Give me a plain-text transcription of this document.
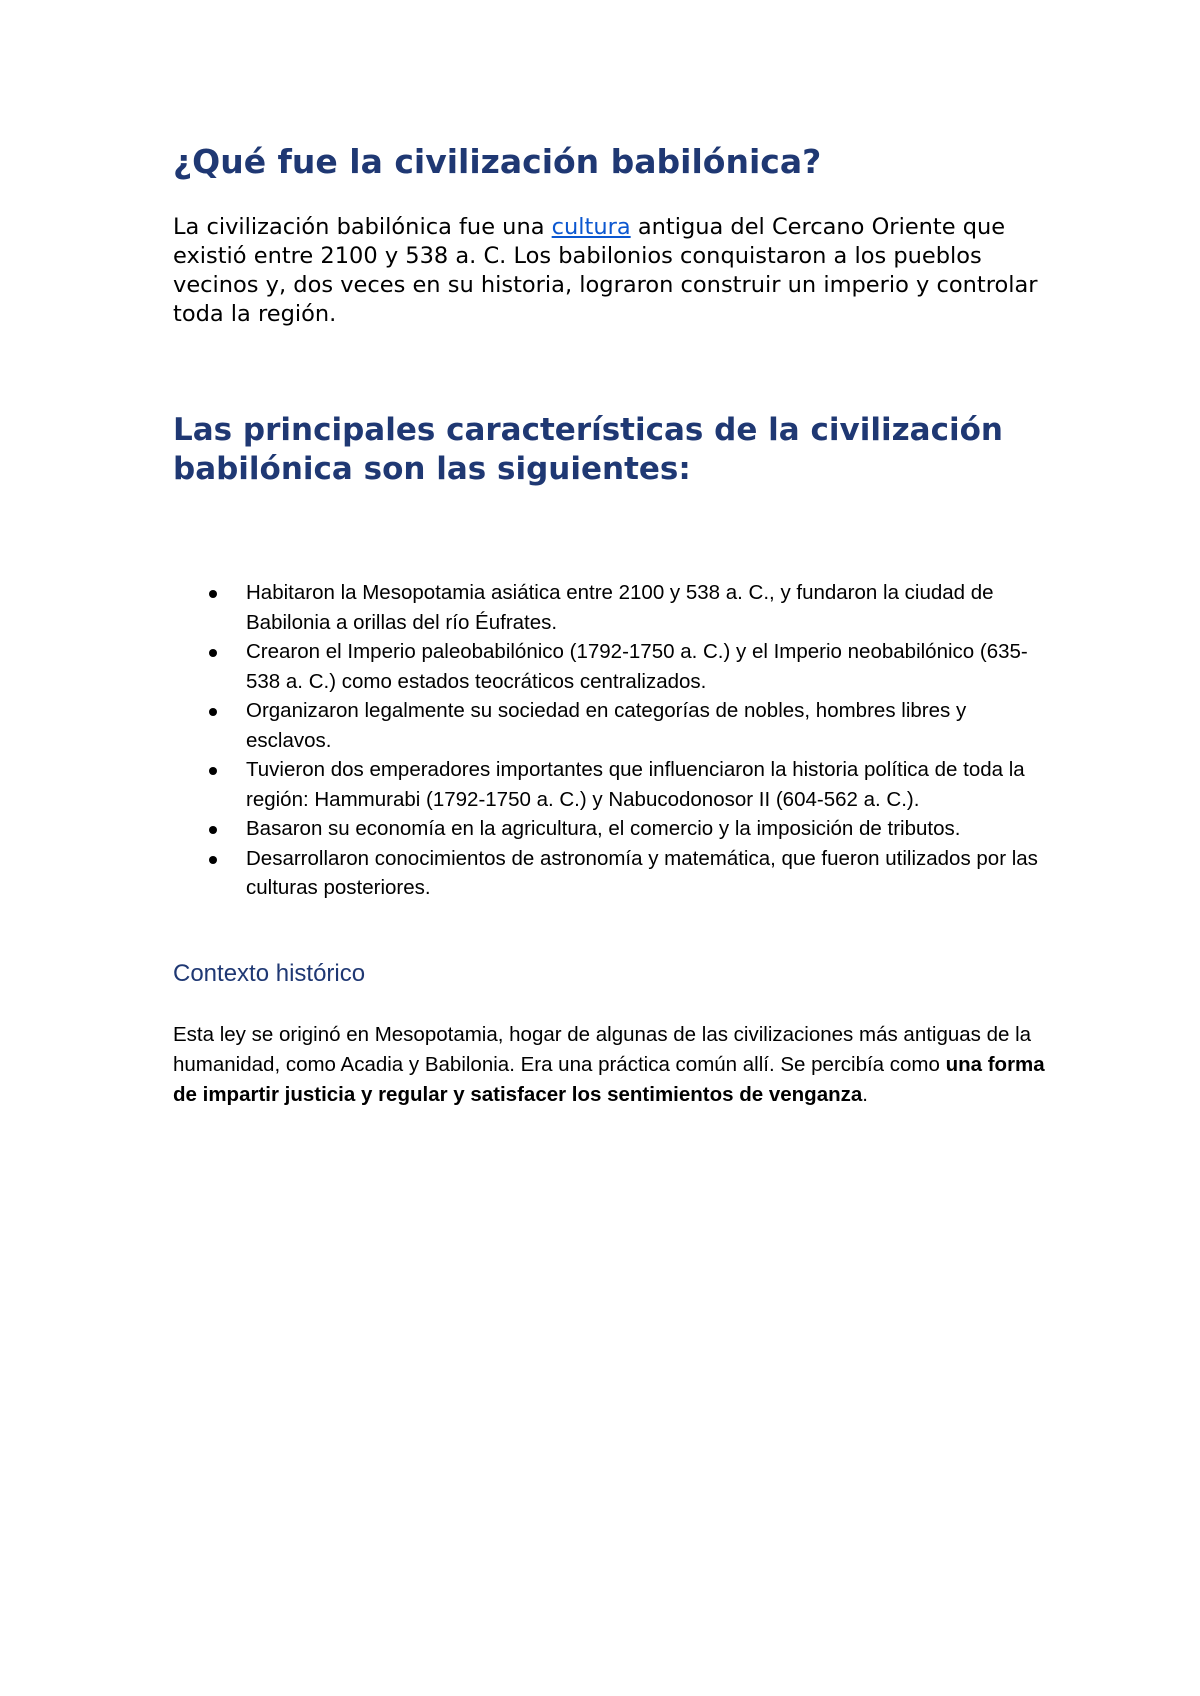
¿Qué fue la civilización babilónica?

La civilización babilónica fue una cultura antigua del Cercano Oriente que existió entre 2100 y 538 a. C. Los babilonios conquistaron a los pueblos vecinos y, dos veces en su historia, lograron construir un imperio y controlar toda la región.

Las principales características de la civilización babilónica son las siguientes:
Habitaron la Mesopotamia asiática entre 2100 y 538 a. C., y fundaron la ciudad de Babilonia a orillas del río Éufrates.
Crearon el Imperio paleobabilónico (1792-1750 a. C.) y el Imperio neobabilónico (635-538 a. C.) como estados teocráticos centralizados.
Organizaron legalmente su sociedad en categorías de nobles, hombres libres y esclavos.
Tuvieron dos emperadores importantes que influenciaron la historia política de toda la región: Hammurabi (1792-1750 a. C.) y Nabucodonosor II (604-562 a. C.).
Basaron su economía en la agricultura, el comercio y la imposición de tributos.
Desarrollaron conocimientos de astronomía y matemática, que fueron utilizados por las culturas posteriores.
Contexto histórico

Esta ley se originó en Mesopotamia, hogar de algunas de las civilizaciones más antiguas de la humanidad, como Acadia y Babilonia. Era una práctica común allí. Se percibía como una forma de impartir justicia y regular y satisfacer los sentimientos de venganza.
